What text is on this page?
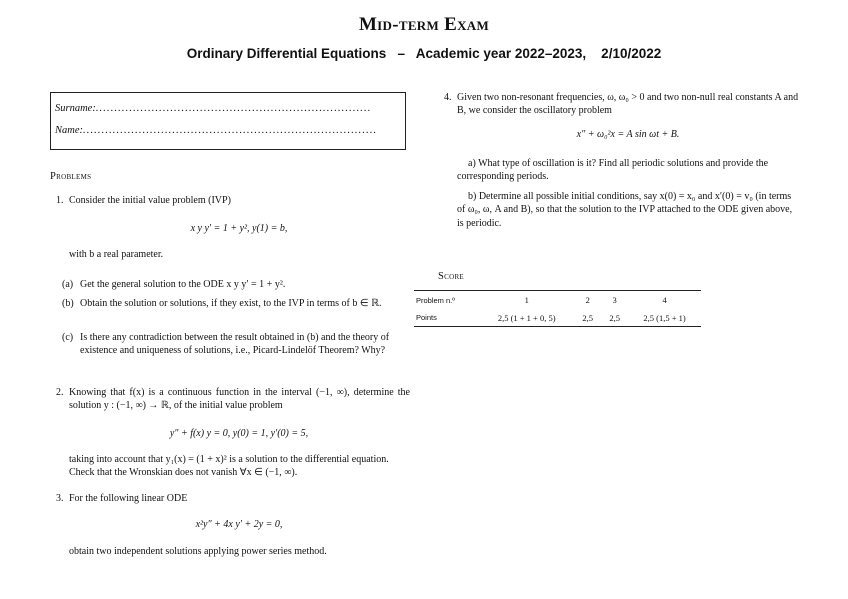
Mid-term Exam
Ordinary Differential Equations   –   Academic year 2022–2023,    2/10/2022
Surname:..........................................................................
Name:...............................................................................
Problems
1. Consider the initial value problem (IVP)
x y y′ = 1 + y², y(1) = b,
with b a real parameter.
(a) Get the general solution to the ODE x y y′ = 1 + y².
(b) Obtain the solution or solutions, if they exist, to the IVP in terms of b ∈ ℝ.
(c) Is there any contradiction between the result obtained in (b) and the theory of existence and uniqueness of solutions, i.e., Picard-Lindelöf Theorem? Why?
2. Knowing that f(x) is a continuous function in the interval (−1, ∞), determine the solution y : (−1, ∞) → ℝ, of the initial value problem
y″ + f(x) y = 0, y(0) = 1, y′(0) = 5,
taking into account that y₁(x) = (1 + x)² is a solution to the differential equation. Check that the Wronskian does not vanish ∀x ∈ (−1, ∞).
3. For the following linear ODE
x²y″ + 4x y′ + 2y = 0,
obtain two independent solutions applying power series method.
4. Given two non-resonant frequencies, ω, ω₀ > 0 and two non-null real constants A and B, we consider the oscillatory problem
x″ + ω₀²x = A sin ωt + B.
a) What type of oscillation is it? Find all periodic solutions and provide the corresponding periods.
b) Determine all possible initial conditions, say x(0) = x₀ and x′(0) = v₀ (in terms of ω₀, ω, A and B), so that the solution to the IVP attached to the ODE given above, is periodic.
Score
Problem n.º	1	2	3	4
Points	2,5 (1 + 1 + 0, 5)	2,5	2,5	2,5 (1,5 + 1)
